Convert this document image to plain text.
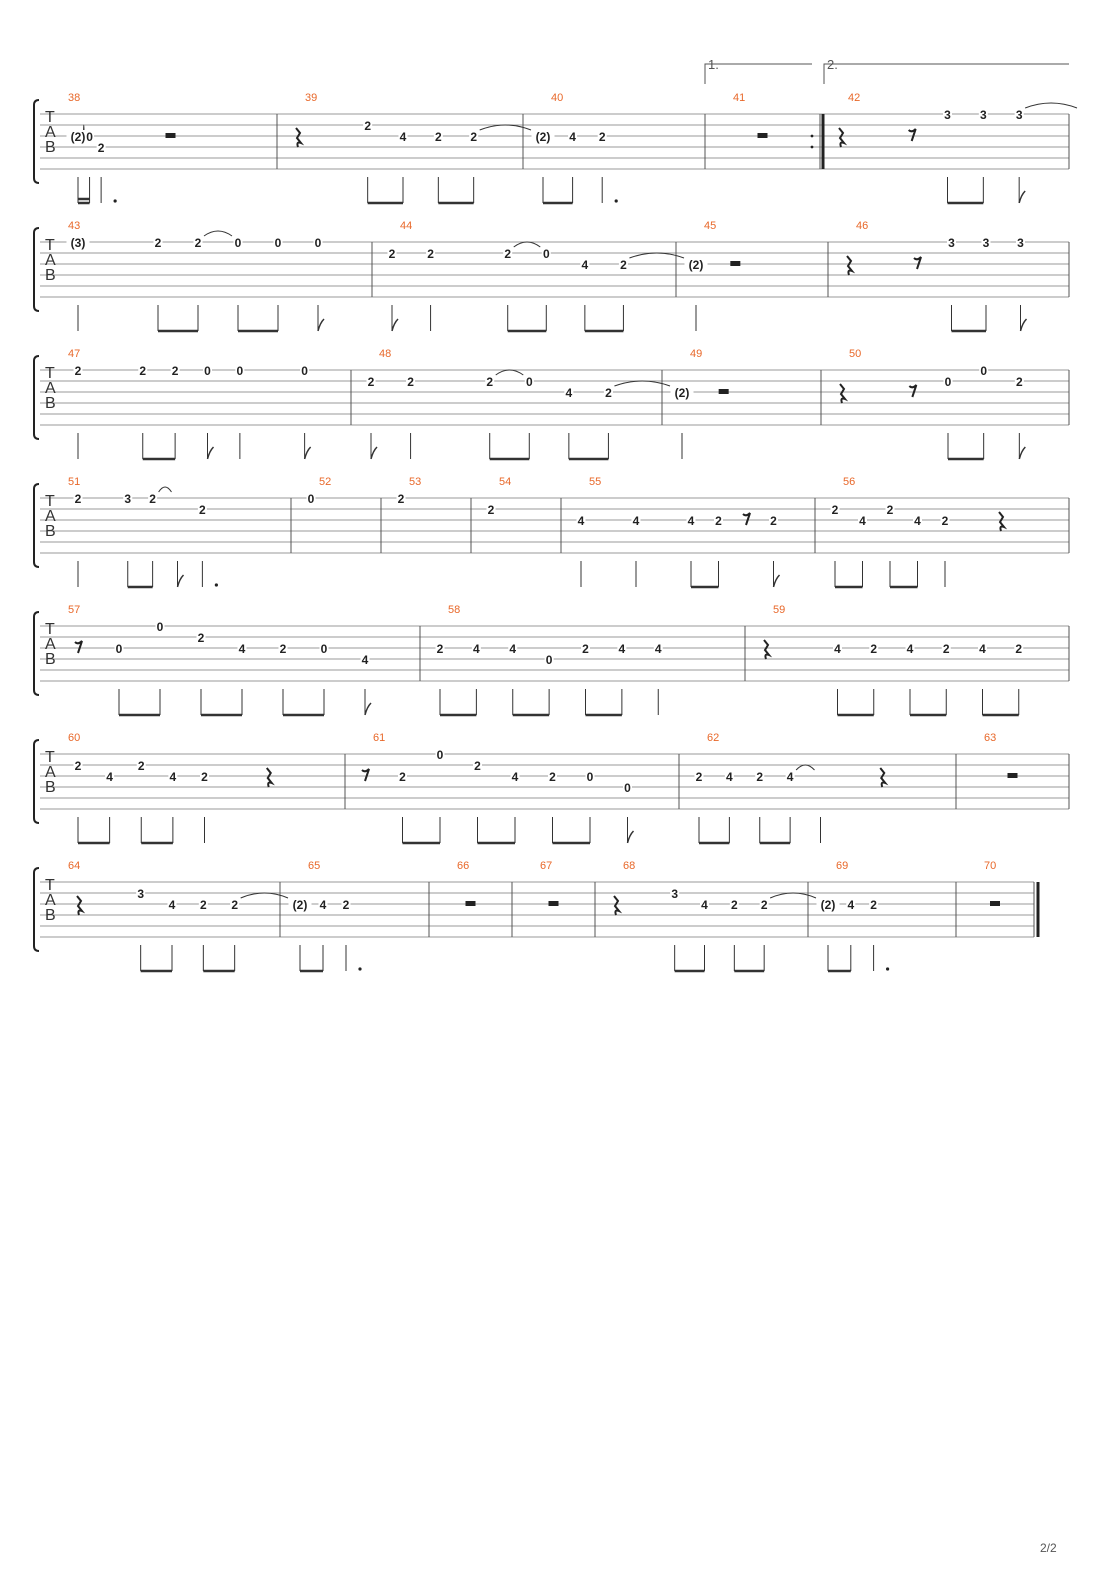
T
A
B
1.	2.
38
(2) 0
2
39
2
4 2 2
40
(2) 4 2
41	42
3 3 3
T
A
B
43
(3)	2	2	0	0	0
44
2	2	2	0
4	2
45
(2)
46
3 3 3
T
A
B
47
2	2 2 0 0	0
48
2	2	2	0
4	2
49
(2)
50
0
0
2
T
A
B
51
2	3 2
2
52
0
53
2
54
2
55
4	4	4 2	2
56
2
4
2
4 2
T
A
B
57
0
0
2
4	2	0
4
58
2 4 4
0
2 4 4
59
4 2 4 2 4 2
T
A
B
60
2
4
2
4 2
61
2
0
2
4	2	0
0
62
2 4 2 4
63
T
A
B
64
3
4 2 2
65
(2) 4 2
66	67	68
3
4 2 2
69
(2) 4 2
70
2/2
